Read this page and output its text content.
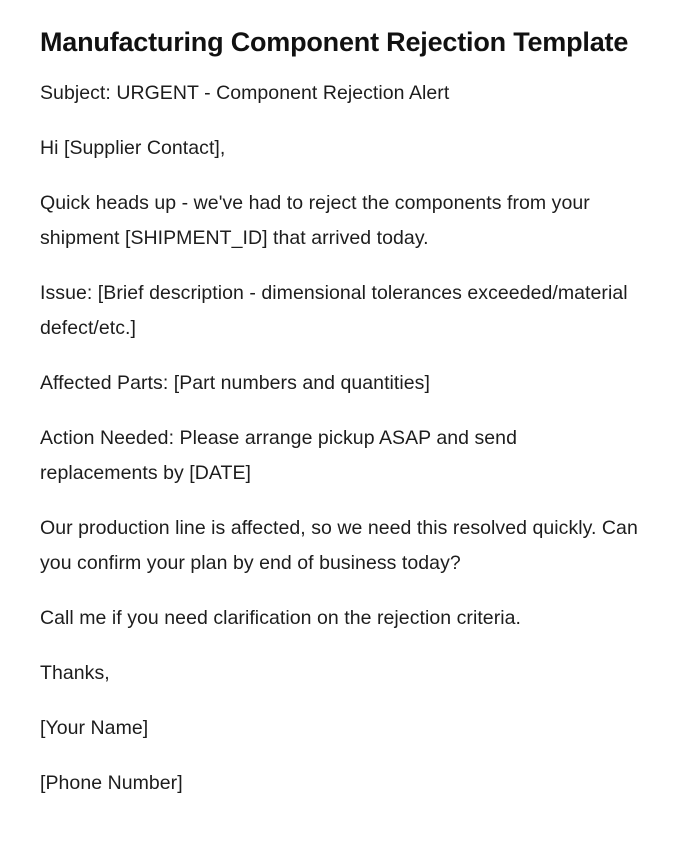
Manufacturing Component Rejection Template

Subject: URGENT - Component Rejection Alert

Hi [Supplier Contact],

Quick heads up - we've had to reject the components from your shipment [SHIPMENT_ID] that arrived today.

Issue: [Brief description - dimensional tolerances exceeded/material defect/etc.]

Affected Parts: [Part numbers and quantities]

Action Needed: Please arrange pickup ASAP and send replacements by [DATE]

Our production line is affected, so we need this resolved quickly. Can you confirm your plan by end of business today?

Call me if you need clarification on the rejection criteria.

Thanks,

[Your Name]

[Phone Number]
